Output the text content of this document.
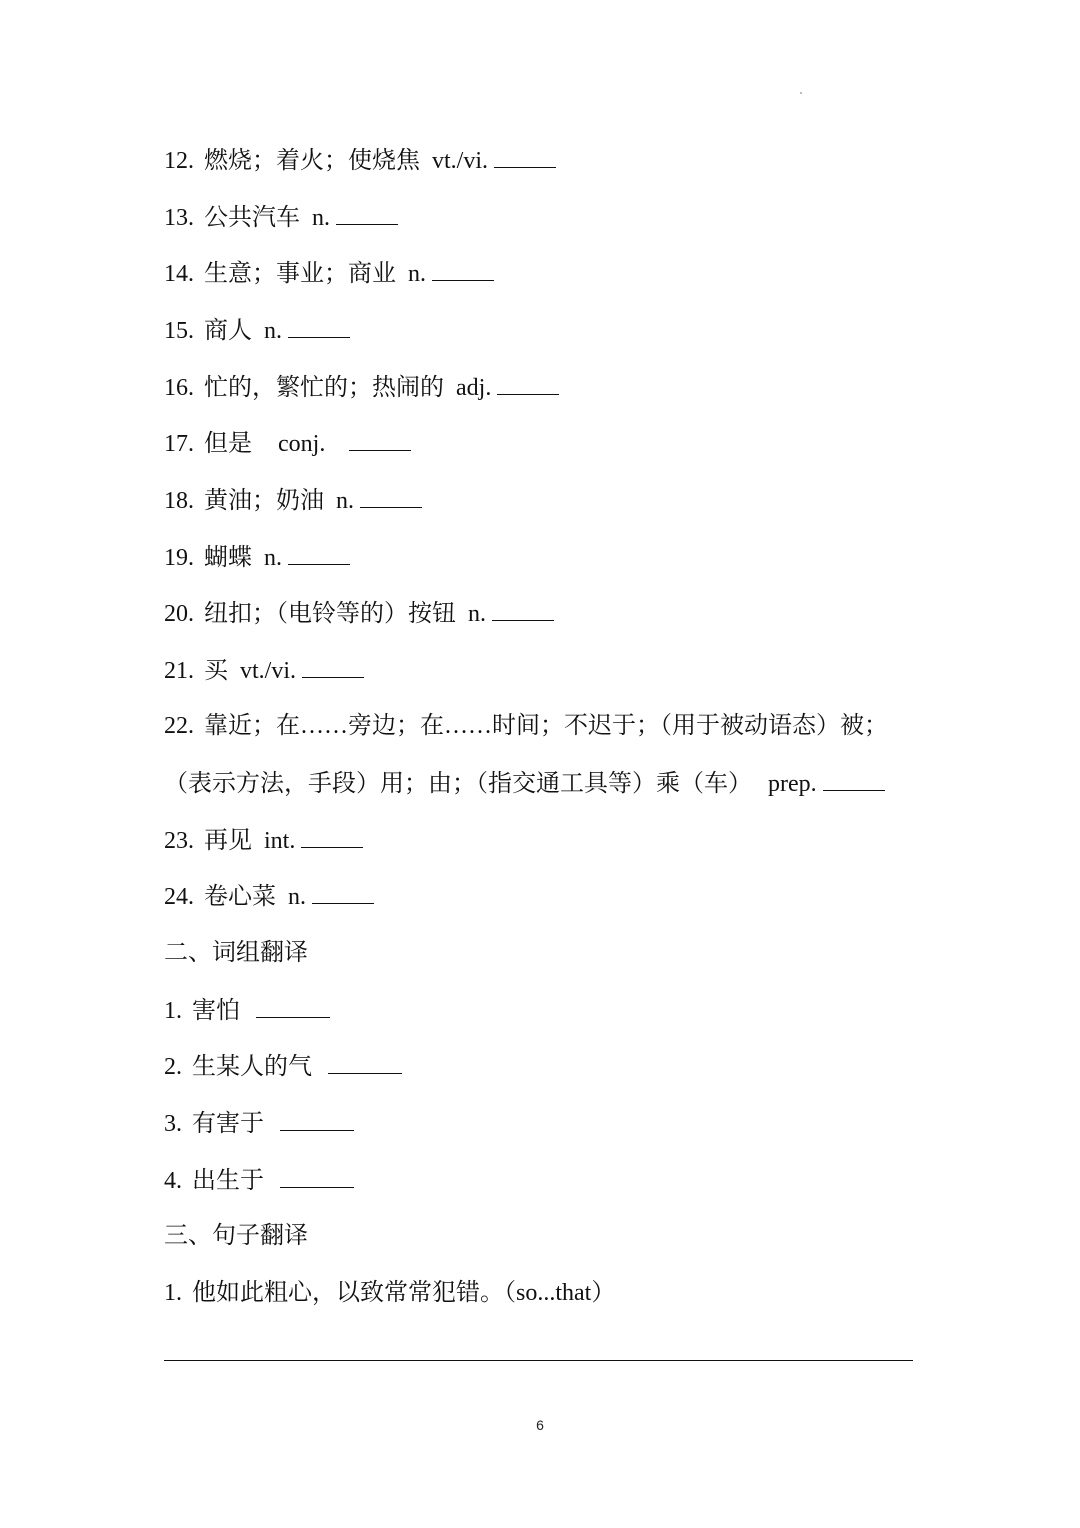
12. 燃烧；着火；使烧焦 vt./vi.
13. 公共汽车 n.
14. 生意；事业；商业 n.
15. 商人 n.
16. 忙的，繁忙的；热闹的 adj.
17. 但是 conj.
18. 黄油；奶油 n.
19. 蝴蝶 n.
20. 纽扣；（电铃等的）按钮 n.
21. 买 vt./vi.
22. 靠近；在……旁边；在……时间；不迟于；（用于被动语态）被；
（表示方法，手段）用；由；（指交通工具等）乘（车） prep.
23. 再见 int.
24. 卷心菜 n.
二、词组翻译
1. 害怕
2. 生某人的气
3. 有害于
4. 出生于
三、句子翻译
1. 他如此粗心，以致常常犯错。（so...that）
6
